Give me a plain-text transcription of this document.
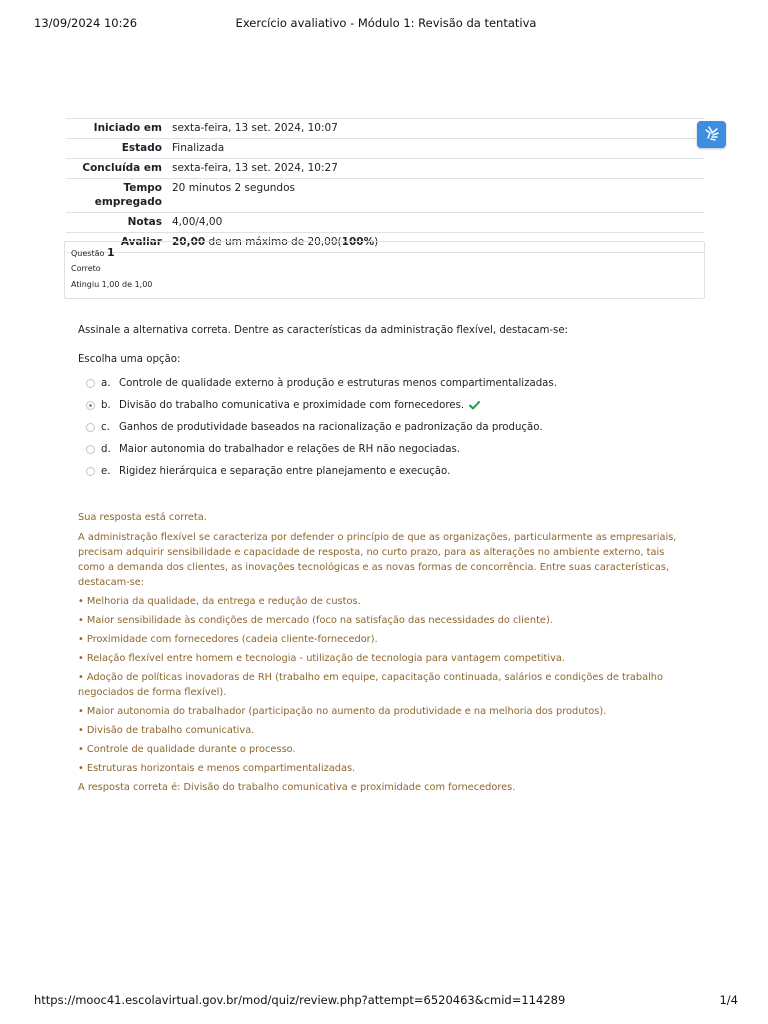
13/09/2024 10:26	Exercício avaliativo - Módulo 1: Revisão da tentativa
Iniciado em	sexta-feira, 13 set. 2024, 10:07
Estado	Finalizada
Concluída em	sexta-feira, 13 set. 2024, 10:27
Tempo empregado	20 minutos 2 segundos
Notas	4,00/4,00
Avaliar	20,00 de um máximo de 20,00(100%)
Questão 1
Correto
Atingiu 1,00 de 1,00
Assinale a alternativa correta. Dentre as características da administração flexível, destacam-se:
Escolha uma opção:
a. Controle de qualidade externo à produção e estruturas menos compartimentalizadas.
b. Divisão do trabalho comunicativa e proximidade com fornecedores.
c. Ganhos de produtividade baseados na racionalização e padronização da produção.
d. Maior autonomia do trabalhador e relações de RH não negociadas.
e. Rigidez hierárquica e separação entre planejamento e execução.

Sua resposta está correta.

A administração flexível se caracteriza por defender o princípio de que as organizações, particularmente as empresariais, precisam adquirir sensibilidade e capacidade de resposta, no curto prazo, para as alterações no ambiente externo, tais como a demanda dos clientes, as inovações tecnológicas e as novas formas de concorrência. Entre suas características, destacam-se:

• Melhoria da qualidade, da entrega e redução de custos.

• Maior sensibilidade às condições de mercado (foco na satisfação das necessidades do cliente).

• Proximidade com fornecedores (cadeia cliente-fornecedor).

• Relação flexível entre homem e tecnologia - utilização de tecnologia para vantagem competitiva.

• Adoção de políticas inovadoras de RH (trabalho em equipe, capacitação continuada, salários e condições de trabalho negociados de forma flexível).

• Maior autonomia do trabalhador (participação no aumento da produtividade e na melhoria dos produtos).

• Divisão de trabalho comunicativa.

• Controle de qualidade durante o processo.

• Estruturas horizontais e menos compartimentalizadas.

A resposta correta é: Divisão do trabalho comunicativa e proximidade com fornecedores.

https://mooc41.escolavirtual.gov.br/mod/quiz/review.php?attempt=6520463&cmid=114289	1/4
